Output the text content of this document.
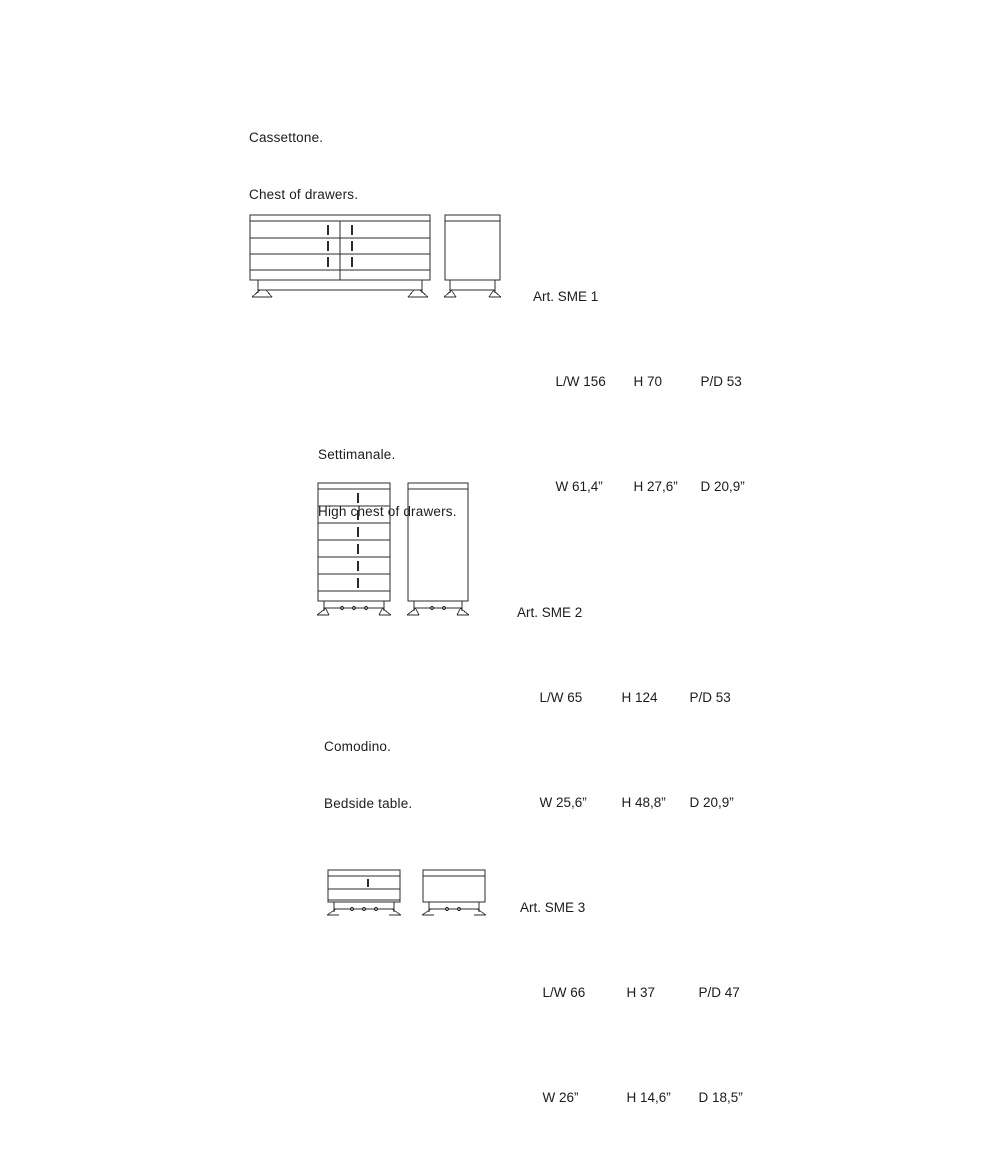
Cassettone.

Chest of drawers.

Art. SME 1

L/W 156 H 70	P/D 53

W 61,4” H 27,6” D 20,9”

Settimanale.

High chest of drawers.

Art. SME 2

L/W 65	H 124 P/D 53

W 25,6”	H 48,8” D 20,9”

Comodino.

Bedside table.

Art. SME 3

L/W 66	H 37	P/D 47

W 26”	H 14,6” D 18,5”
